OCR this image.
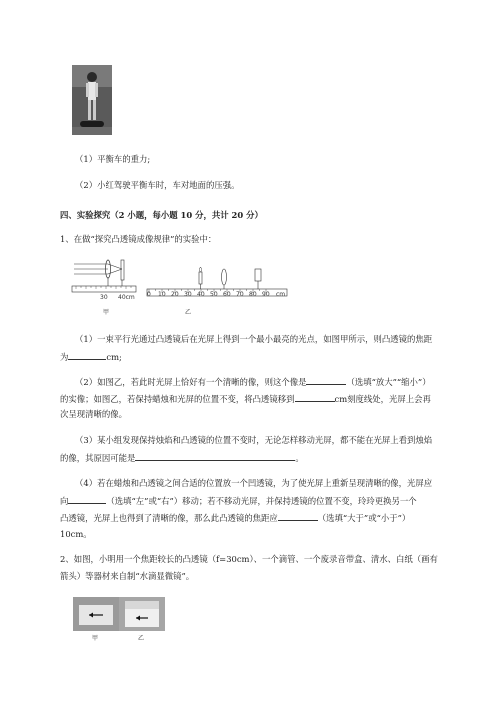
（1）平衡车的重力;
（2）小红驾驶平衡车时，车对地面的压强。
四、实验探究（2 小题，每小题 10 分，共计 20 分）
1、在做“探究凸透镜成像规律”的实验中：
30 40cm
甲
0 10 20 30 40 50 60 70 80 90 cm
乙
（1）一束平行光通过凸透镜后在光屏上得到一个最小最亮的光点，如图甲所示，则凸透镜的焦距
为	cm;
（2）如图乙，若此时光屏上恰好有一个清晰的像，则这个像是	（选填“放大”“缩小”）
的实像；如图乙，若保持蜡烛和光屏的位置不变，将凸透镜移到	cm刻度线处，光屏上会再
次呈现清晰的像。
（3）某小组发现保持烛焰和凸透镜的位置不变时，无论怎样移动光屏，都不能在光屏上看到烛焰
的像，其原因可能是	。
（4）若在蜡烛和凸透镜之间合适的位置放一个凹透镜，为了使光屏上重新呈现清晰的像，光屏应
向	（选填“左”或“右”）移动；若不移动光屏，并保持透镜的位置不变，玲玲更换另一个
凸透镜，光屏上也得到了清晰的像，那么此凸透镜的焦距应	（选填“大于”或“小于”）
10cm。
2、如图，小明用一个焦距较长的凸透镜（f=30cm）、一个滴管、一个废录音带盒、清水、白纸（画有
箭头）等器材来自制“水滴显微镜”。
甲	乙
